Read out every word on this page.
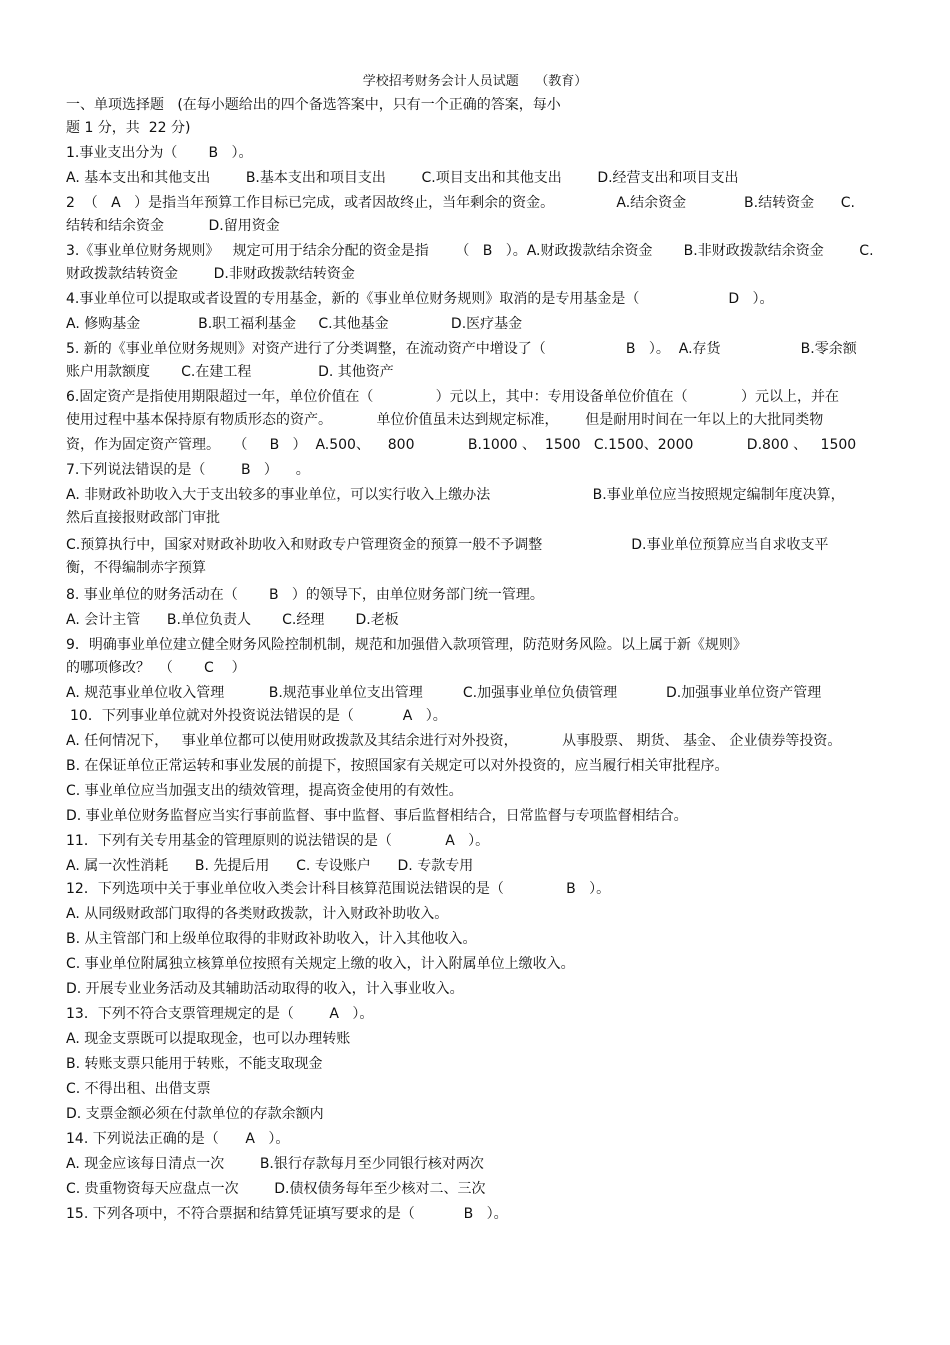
学校招考财务会计人员试题    （教育）
一、单项选择题   (在每小题给出的四个备选答案中，只有一个正确的答案，每小
题 1 分，共  22 分)
1.事业支出分为（       B   ）。
A. 基本支出和其他支出        B.基本支出和项目支出        C.项目支出和其他支出        D.经营支出和项目支出
2  （   A   ）是指当年预算工作目标已完成，或者因故终止，当年剩余的资金。              A.结余资金             B.结转资金      C.
结转和结余资金          D.留用资金
3.《事业单位财务规则》   规定可用于结余分配的资金是指      （   B   ）。A.财政拨款结余资金       B.非财政拨款结余资金        C.
财政拨款结转资金        D.非财政拨款结转资金
4.事业单位可以提取或者设置的专用基金，新的《事业单位财务规则》取消的是专用基金是（                    D   ）。
A. 修购基金             B.职工福利基金     C.其他基金              D.医疗基金
5. 新的《事业单位财务规则》对资产进行了分类调整，在流动资产中增设了（                  B   ）。  A.存货                  B.零余额
账户用款额度       C.在建工程               D. 其他资产
6.固定资产是指使用期限超过一年，单位价值在（              ）元以上，其中：专用设备单位价值在（            ）元以上，并在
使用过程中基本保持原有物质形态的资产。          单位价值虽未达到规定标准，      但是耐用时间在一年以上的大批同类物
资，作为固定资产管理。   （     B   ）  A.500、    800            B.1000 、  1500   C.1500、2000            D.800 、   1500
7.下列说法错误的是（        B   ）    。
A. 非财政补助收入大于支出较多的事业单位，可以实行收入上缴办法                       B.事业单位应当按照规定编制年度决算，
然后直接报财政部门审批
C.预算执行中，国家对财政补助收入和财政专户管理资金的预算一般不予调整                    D.事业单位预算应当自求收支平
衡，不得编制赤字预算
8. 事业单位的财务活动在（       B   ）的领导下，由单位财务部门统一管理。
A. 会计主管      B.单位负责人       C.经理       D.老板
9．明确事业单位建立健全财务风险控制机制，规范和加强借入款项管理，防范财务风险。以上属于新《规则》
的哪项修改？  （       C    ）
A. 规范事业单位收入管理          B.规范事业单位支出管理         C.加强事业单位负债管理           D.加强事业单位资产管理
10．下列事业单位就对外投资说法错误的是（           A   ）。
A. 任何情况下，   事业单位都可以使用财政拨款及其结余进行对外投资，          从事股票、 期货、 基金、 企业债券等投资。
B. 在保证单位正常运转和事业发展的前提下，按照国家有关规定可以对外投资的，应当履行相关审批程序。
C. 事业单位应当加强支出的绩效管理，提高资金使用的有效性。
D. 事业单位财务监督应当实行事前监督、事中监督、事后监督相结合，日常监督与专项监督相结合。
11．下列有关专用基金的管理原则的说法错误的是（            A   ）。
A. 属一次性消耗      B. 先提后用      C. 专设账户      D. 专款专用
12．下列选项中关于事业单位收入类会计科目核算范围说法错误的是（              B   ）。
A. 从同级财政部门取得的各类财政拨款，计入财政补助收入。
B. 从主管部门和上级单位取得的非财政补助收入，计入其他收入。
C. 事业单位附属独立核算单位按照有关规定上缴的收入，计入附属单位上缴收入。
D. 开展专业业务活动及其辅助活动取得的收入，计入事业收入。
13．下列不符合支票管理规定的是（        A   ）。
A. 现金支票既可以提取现金，也可以办理转账
B. 转账支票只能用于转账，不能支取现金
C. 不得出租、出借支票
D. 支票金额必须在付款单位的存款余额内
14. 下列说法正确的是（      A   ）。
A. 现金应该每日清点一次        B.银行存款每月至少同银行核对两次
C. 贵重物资每天应盘点一次        D.债权债务每年至少核对二、三次
15. 下列各项中，不符合票据和结算凭证填写要求的是（           B   ）。
